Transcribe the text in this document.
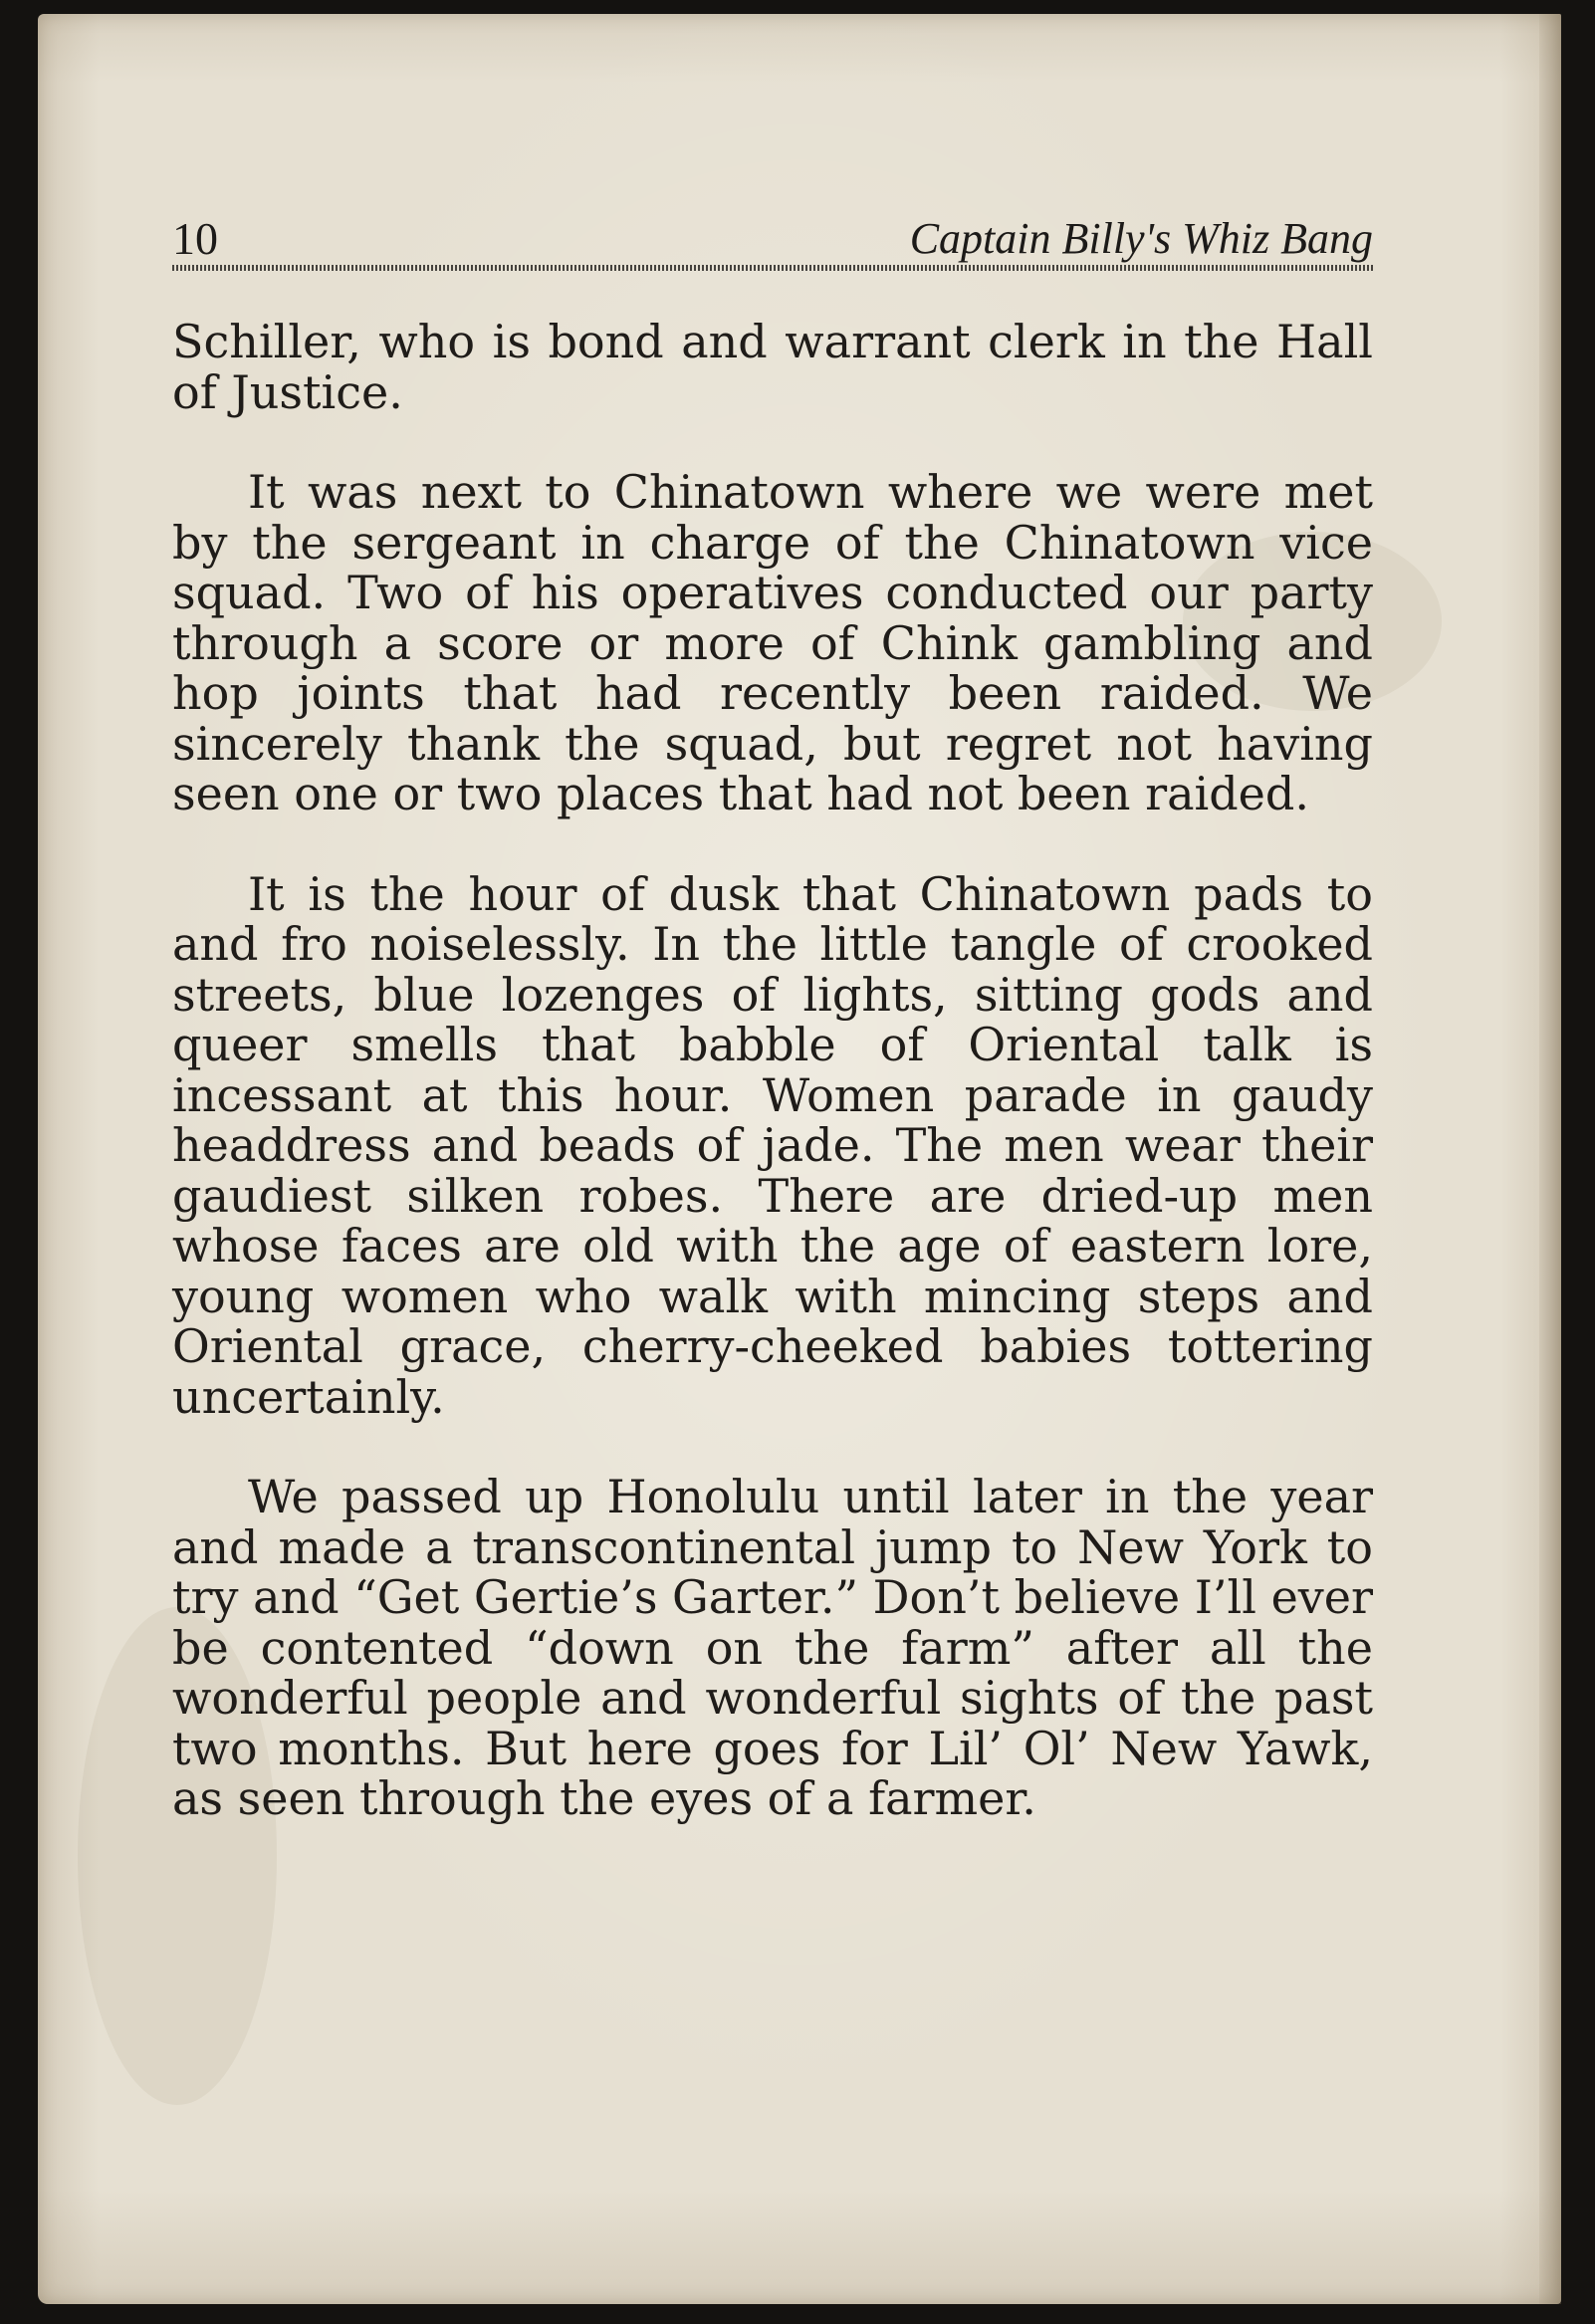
10	Captain Billy's Whiz Bang

Schiller, who is bond and warrant clerk in the Hall of Justice.

It was next to Chinatown where we were met by the sergeant in charge of the Chinatown vice squad. Two of his operatives conducted our party through a score or more of Chink gambling and hop joints that had recently been raided. We sincerely thank the squad, but regret not having seen one or two places that had not been raided.

It is the hour of dusk that Chinatown pads to and fro noiselessly. In the little tangle of crooked streets, blue lozenges of lights, sitting gods and queer smells that babble of Oriental talk is incessant at this hour. Women parade in gaudy headdress and beads of jade. The men wear their gaudiest silken robes. There are dried-up men whose faces are old with the age of eastern lore, young women who walk with mincing steps and Oriental grace, cherry-cheeked babies tottering uncertainly.

We passed up Honolulu until later in the year and made a transcontinental jump to New York to try and “Get Gertie’s Garter.” Don’t believe I’ll ever be contented “down on the farm” after all the wonderful people and wonderful sights of the past two months. But here goes for Lil’ Ol’ New Yawk, as seen through the eyes of a farmer.
